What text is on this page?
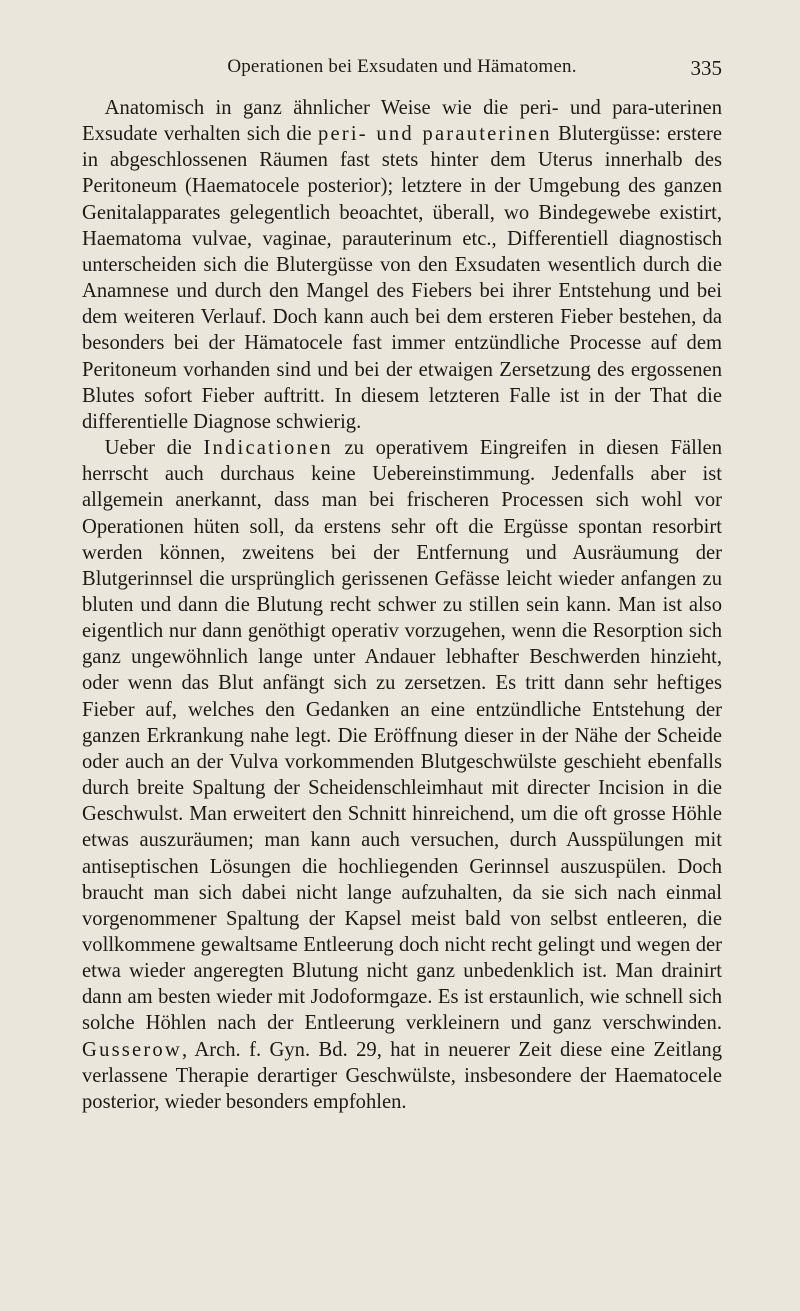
Operationen bei Exsudaten und Hämatomen.	335

Anatomisch in ganz ähnlicher Weise wie die peri- und para-uterinen Exsudate verhalten sich die peri- und parauterinen Blutergüsse: erstere in abgeschlossenen Räumen fast stets hinter dem Uterus innerhalb des Peritoneum (Haematocele posterior); letztere in der Umgebung des ganzen Genitalapparates gelegentlich beoachtet, überall, wo Bindegewebe existirt, Haematoma vulvae, vaginae, parauterinum etc., Differentiell diagnostisch unterscheiden sich die Blutergüsse von den Exsudaten wesentlich durch die Anamnese und durch den Mangel des Fiebers bei ihrer Entstehung und bei dem weiteren Verlauf. Doch kann auch bei dem ersteren Fieber bestehen, da besonders bei der Hämatocele fast immer entzündliche Processe auf dem Peritoneum vorhanden sind und bei der etwaigen Zersetzung des ergossenen Blutes sofort Fieber auftritt. In diesem letzteren Falle ist in der That die differentielle Diagnose schwierig.

Ueber die Indicationen zu operativem Eingreifen in diesen Fällen herrscht auch durchaus keine Uebereinstimmung. Jedenfalls aber ist allgemein anerkannt, dass man bei frischeren Processen sich wohl vor Operationen hüten soll, da erstens sehr oft die Ergüsse spontan resorbirt werden können, zweitens bei der Entfernung und Ausräumung der Blutgerinnsel die ursprünglich gerissenen Gefässe leicht wieder anfangen zu bluten und dann die Blutung recht schwer zu stillen sein kann. Man ist also eigentlich nur dann genöthigt operativ vorzugehen, wenn die Resorption sich ganz ungewöhnlich lange unter Andauer lebhafter Beschwerden hinzieht, oder wenn das Blut anfängt sich zu zersetzen. Es tritt dann sehr heftiges Fieber auf, welches den Gedanken an eine entzündliche Entstehung der ganzen Erkrankung nahe legt. Die Eröffnung dieser in der Nähe der Scheide oder auch an der Vulva vorkommenden Blutgeschwülste geschieht ebenfalls durch breite Spaltung der Scheidenschleimhaut mit directer Incision in die Geschwulst. Man erweitert den Schnitt hinreichend, um die oft grosse Höhle etwas auszuräumen; man kann auch versuchen, durch Ausspülungen mit antiseptischen Lösungen die hochliegenden Gerinnsel auszuspülen. Doch braucht man sich dabei nicht lange aufzuhalten, da sie sich nach einmal vorgenommener Spaltung der Kapsel meist bald von selbst entleeren, die vollkommene gewaltsame Entleerung doch nicht recht gelingt und wegen der etwa wieder angeregten Blutung nicht ganz unbedenklich ist. Man drainirt dann am besten wieder mit Jodoformgaze. Es ist erstaunlich, wie schnell sich solche Höhlen nach der Entleerung verkleinern und ganz verschwinden. Gusserow, Arch. f. Gyn. Bd. 29, hat in neuerer Zeit diese eine Zeitlang verlassene Therapie derartiger Geschwülste, insbesondere der Haematocele posterior, wieder besonders empfohlen.
